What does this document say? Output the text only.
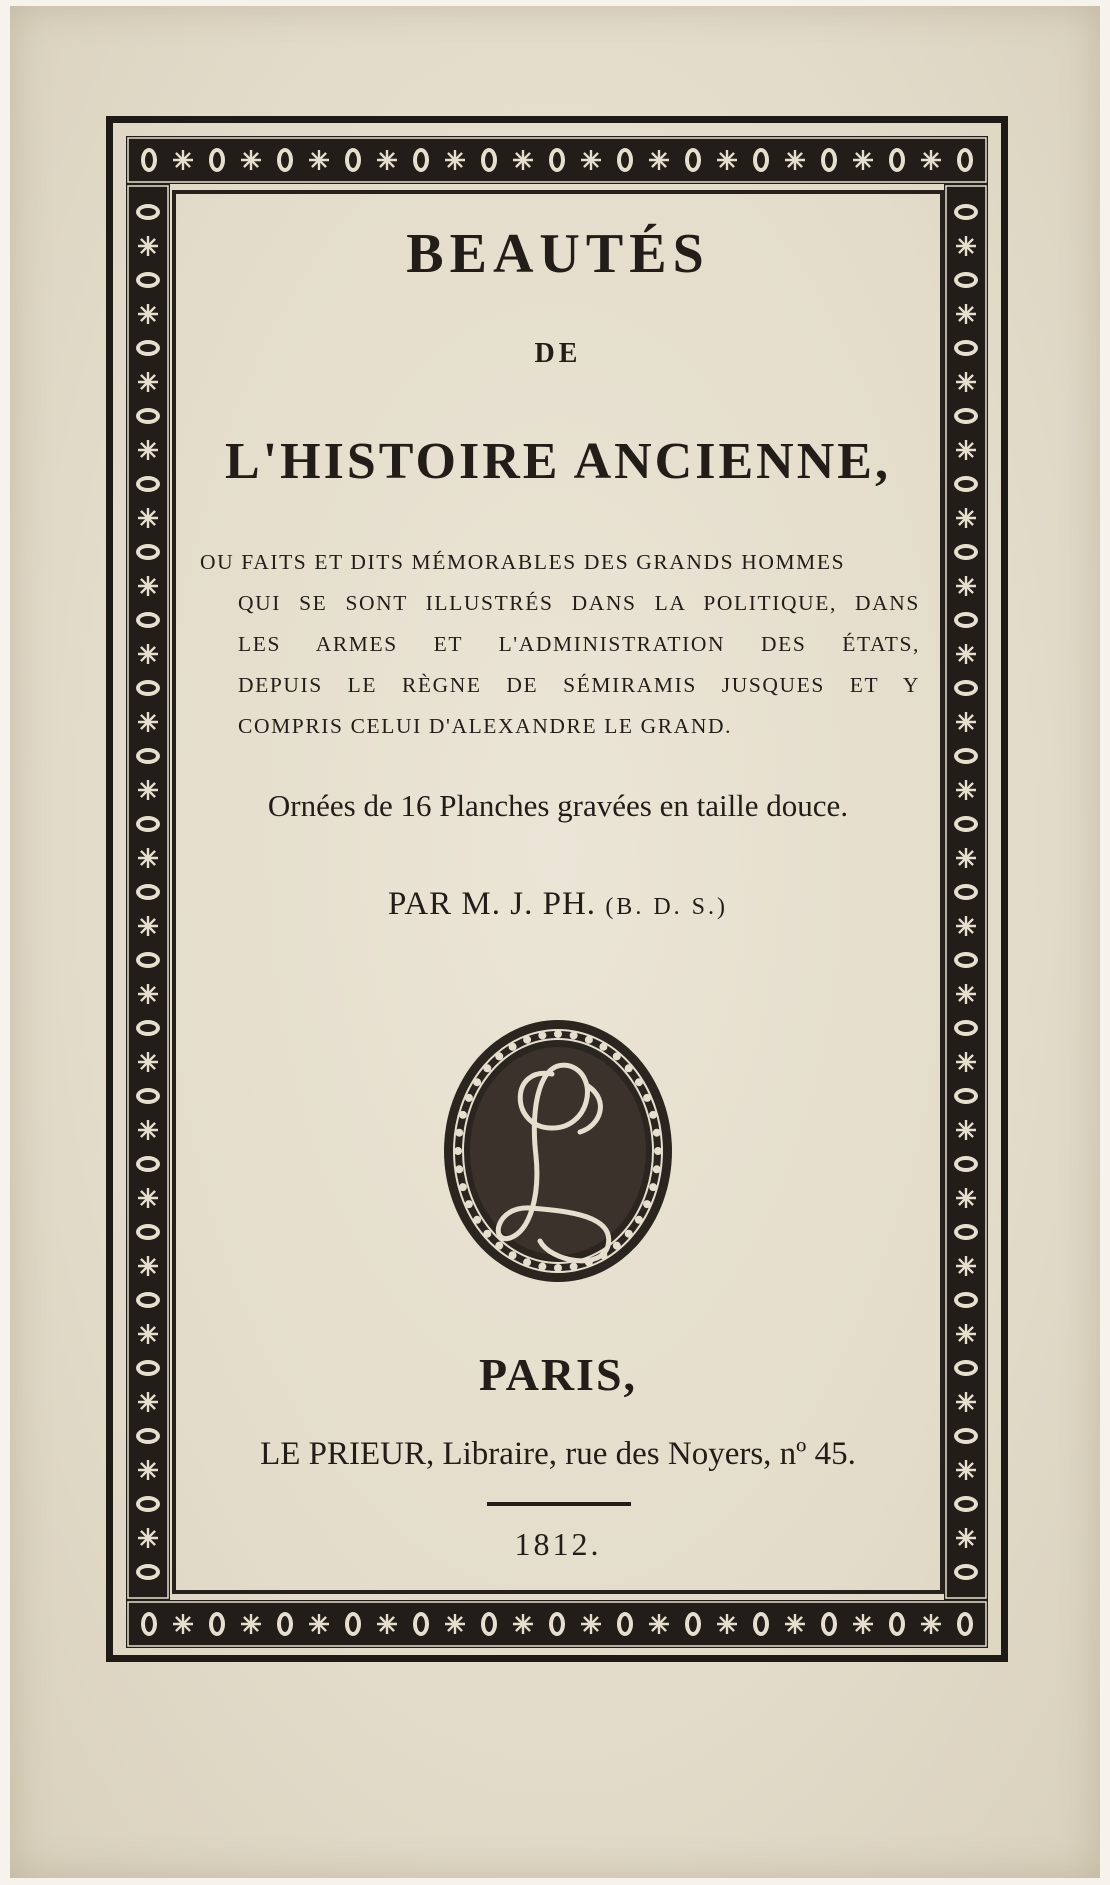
BEAUTÉS
DE
L'HISTOIRE ANCIENNE,
OU FAITS ET DITS MÉMORABLES DES GRANDS HOMMES
QUI SE SONT ILLUSTRÉS DANS LA POLITIQUE, DANS
LES ARMES ET L'ADMINISTRATION DES ÉTATS,
DEPUIS LE RÈGNE DE SÉMIRAMIS JUSQUES ET Y
COMPRIS CELUI D'ALEXANDRE LE GRAND.
Ornées de 16 Planches gravées en taille douce.
PAR M. J. PH. (B. D. S.)
PARIS,
LE PRIEUR, Libraire, rue des Noyers, nº 45.
1812.
